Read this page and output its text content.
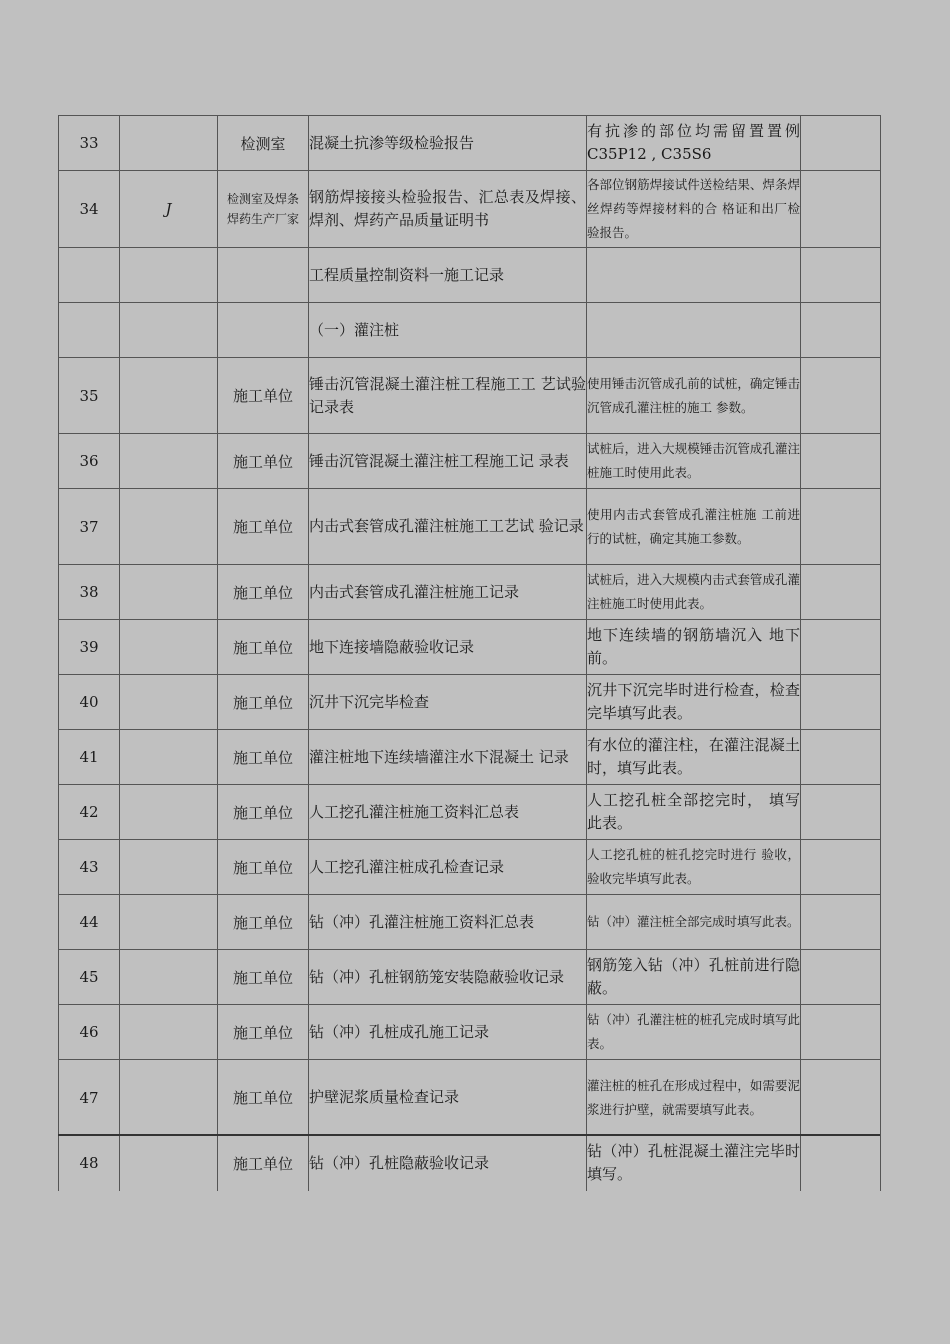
33		检测室	混凝土抗渗等级检验报告	有抗渗的部位均需留置置例 C35P12 , C35S6	
34	J	检测室及焊条焊药生产厂家	钢筋焊接接头检验报告、汇总表及焊接、焊剂、焊药产品质量证明书	各部位钢筋焊接试件送检结果、焊条焊丝焊药等焊接材料的合 格证和出厂检验报告。	
			工程质量控制资料一施工记录		
			（一）灌注桩		
35		施工单位	锤击沉管混凝土灌注桩工程施工工 艺试验记录表	使用锤击沉管成孔前的试桩，确定锤击沉管成孔灌注桩的施工 参数。	
36		施工单位	锤击沉管混凝土灌注桩工程施工记 录表	试桩后，进入大规模锤击沉管成孔灌注桩施工时使用此表。	
37		施工单位	内击式套管成孔灌注桩施工工艺试 验记录	使用内击式套管成孔灌注桩施 工前进行的试桩，确定其施工参数。	
38		施工单位	内击式套管成孔灌注桩施工记录	试桩后，进入大规模内击式套管成孔灌注桩施工时使用此表。	
39		施工单位	地下连接墙隐蔽验收记录	地下连续墙的钢筋墙沉入 地下前。	
40		施工单位	沉井下沉完毕检查	沉井下沉完毕时进行检查，检查完毕填写此表。	
41		施工单位	灌注桩地下连续墙灌注水下混凝土 记录	有水位的灌注柱，在灌注混凝土时，填写此表。	
42		施工单位	人工挖孔灌注桩施工资料汇总表	人工挖孔桩全部挖完时， 填写此表。	
43		施工单位	人工挖孔灌注桩成孔检查记录	人工挖孔桩的桩孔挖完时进行 验收，验收完毕填写此表。	
44		施工单位	钻（冲）孔灌注桩施工资料汇总表	钻（冲）灌注桩全部完成时填写此表。	
45		施工单位	钻（冲）孔桩钢筋笼安装隐蔽验收记录	钢筋笼入钻（冲）孔桩前进行隐蔽。	
46		施工单位	钻（冲）孔桩成孔施工记录	钻（冲）孔灌注桩的桩孔完成时填写此表。	
47		施工单位	护壁泥浆质量检查记录	灌注桩的桩孔在形成过程中，如需要泥浆进行护壁，就需要填写此表。	
48		施工单位	钻（冲）孔桩隐蔽验收记录	钻（冲）孔桩混凝土灌注完毕时填写。	
